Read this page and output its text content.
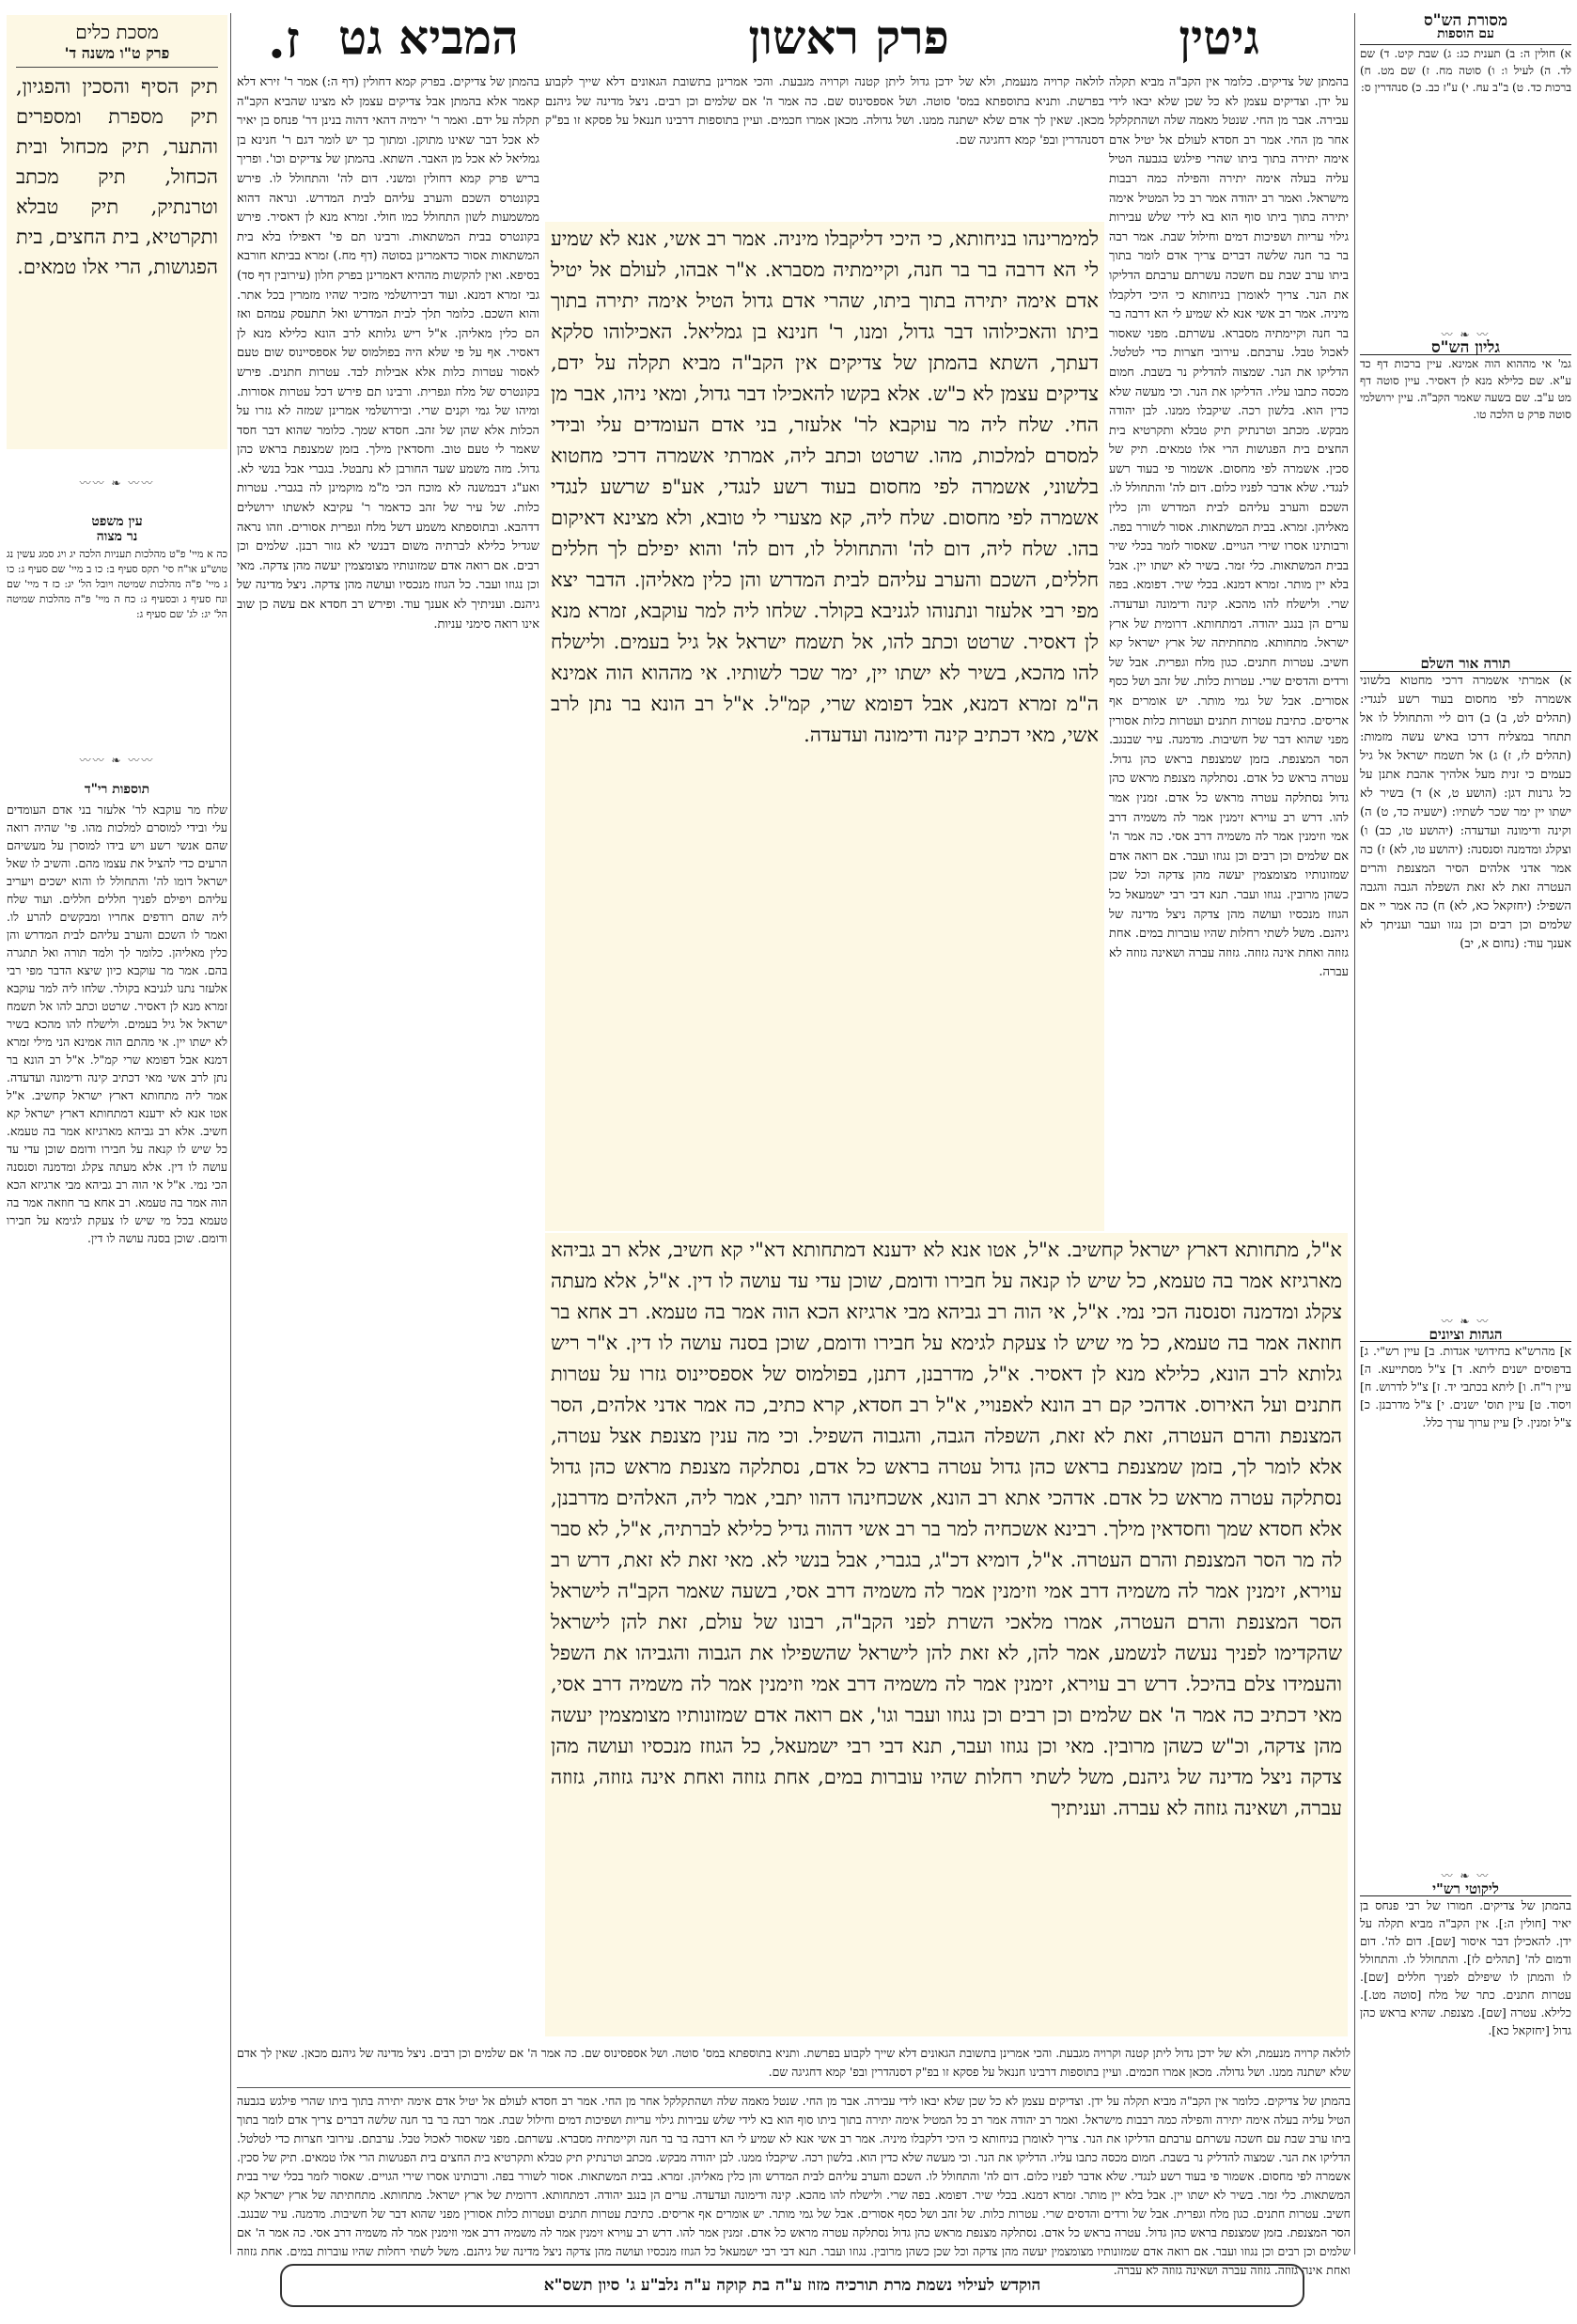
ז.	גיטין
פרק ראשון
המביא גט
מסכת כלים
פרק ט"ו משנה ד'
תיק הסיף והסכין והפגיון, תיק מספרת ומספרים והתער, תיק מכחול ובית הכחול, תיק מכתב וטרנתיק, תיק טבלא ותקרטיא, בית החצים, בית הפגושות, הרי אלו טמאים.
〰〰 ❧ 〰〰
עין משפט
נר מצוה
כה א מיי' פ"ט מהלכות תעניות הלכה יג ויג סמג עשין נג טוש"ע או"ח סי' תקס סעיף ב: כו ב מיי' שם סעיף ג: כו ג מיי' פ"ה מהלכות שמיטה ויובל הל' יג: כז ד מיי' שם ונח סעיף ג ובסעיף ג: כח ה מיי' פ"ה מהלכות שמיטה הל' יג: לג' שם סעיף ג:
〰〰 ❧ 〰〰
תוספות רי"ד
שלח מר עוקבא לר' אלעזר בני אדם העומדים עלי ובידי למוסרם למלכות מהו. פי' שהיה רואה שהם אנשי רשע ויש בידו למוסרן על מעשיהם הרעים כדי להציל את עצמו מהם. והשיב לו שאל ישראל דומו לה' והתחולל לו והוא ישכים ויעריב עליהם ויפילם לפניך חללים חללים. ועוד שלח ליה שהם רודפים אחריו ומבקשים להרע לו. ואמר לו השכם והערב עליהם לבית המדרש והן כלין מאליהן. כלומר לך ולמד תורה ואל תתגרה בהם. אמר מר עוקבא כיון שיצא הדבר מפי רבי אלעזר נתנו לגניבא בקולר. שלחו ליה למר עוקבא זמרא מנא לן דאסיר. שרטט וכתב להו אל תשמח ישראל אל גיל בעמים. ולישלח להו מהכא בשיר לא ישתו יין. אי מהתם הוה אמינא הני מילי זמרא דמנא אבל דפומא שרי קמ"ל. א"ל רב הונא בר נתן לרב אשי מאי דכתיב קינה ודימונה ועדעדה. אמר ליה מתחותא דארץ ישראל קחשיב. א"ל אטו אנא לא ידענא דמתחותא דארץ ישראל קא חשיב. אלא רב גביהא מארגיזא אמר בה טעמא. כל שיש לו קנאה על חבירו ודומם שוכן עדי עד עושה לו דין. אלא מעתה צקלג ומדמנה וסנסנה הכי נמי. א"ל אי הוה רב גביהא מבי ארגיזא הכא הוה אמר בה טעמא. רב אחא בר חוזאה אמר בה טעמא בכל מי שיש לו צעקת לגימא על חבירו ודומם. שוכן בסנה עושה לו דין.
בהמתן של צדיקים. בפרק קמא דחולין (דף ה:) אמר ר' זירא דלא קאמר אלא בהמתן אבל צדיקים עצמן לא מצינו שהביא הקב"ה תקלה על ידם. ואמר ר' ירמיה דהאי דהוה בנינן דר' פנחס בן יאיר לא אכל דבר שאינו מתוקן. ומתוך כך יש לומר דגם ר' חנינא בן גמליאל לא אכל מן האבר. השתא. בהמתן של צדיקים וכו'. ופריך בריש פרק קמא דחולין ומשני. דום לה' והתחולל לו. פירש בקונטרס השכם והערב עליהם לבית המדרש. ונראה דהוא ממשמעות לשון התחולל כמו חולי. זמרא מנא לן דאסיר. פירש בקונטרס בבית המשתאות. ורבינו תם פי' דאפילו בלא בית המשתאות אסור כדאמרינן בסוטה (דף מח.) זמרא בביתא חורבא בסיפא. ואין להקשות מההיא דאמרינן בפרק חלון (עירובין דף סד) גבי זמרא דמנא. ועוד דבירושלמי מזכיר שהיו מזמרין בכל אתר. והוא השכם. כלומר תלך לבית המדרש ואל תתעסק עמהם ואז הם כלין מאליהן. א"ל ריש גלותא לרב הונא כלילא מנא לן דאסיר. אף על פי שלא היה בפולמוס של אספסיינוס שום טעם לאסור עטרות כלות אלא אבילות לבד. עטרות חתנים. פירש בקונטרס של מלח וגפרית. ורבינו תם פירש דכל עטרות אסורות. ומיהו של גמי וקנים שרי. ובירושלמי אמרינן שמזה לא גזרו על הכלות אלא שהן של זהב. חסדא שמך. כלומר שהוא דבר חסד שאמר לי טעם טוב. וחסדאין מילך. בזמן שמצנפת בראש כהן גדול. מזה משמע שעד החורבן לא נתבטל. בגברי אבל בנשי לא. ואע"ג דבמשנה לא מוכח הכי מ"מ מוקמינן לה בגברי. עטרות כלות. של עיר של זהב כדאמר ר' עקיבא לאשתו ירושלים דדהבא. ובתוספתא משמע דשל מלח וגפרית אסורים. וזהו נראה שגדיל כלילא לברתיה משום דבנשי לא גזור רבנן. שלמים וכן רבים. אם רואה אדם שמזונותיו מצומצמין יעשה מהן צדקה. מאי וכן נגוזו ועבר. כל הגוזז מנכסיו ועושה מהן צדקה. ניצל מדינה של גיהנם. ועניתיך לא אענך עוד. ופירש רב חסדא אם עשה כן שוב אינו רואה סימני עניות.
בהמתן של צדיקים. כלומר אין הקב"ה מביא תקלה על ידן. וצדיקים עצמן לא כל שכן שלא יבאו לידי עבירה. אבר מן החי. שנטל מאמה שלה ושהתקלקל אחר מן החי. אמר רב חסדא לעולם אל יטיל אדם אימה יתירה בתוך ביתו שהרי פילגש בגבעה הטיל עליה בעלה אימה יתירה והפילה כמה רבבות מישראל. ואמר רב יהודה אמר רב כל המטיל אימה יתירה בתוך ביתו סוף הוא בא לידי שלש עבירות גילוי עריות ושפיכות דמים וחילול שבת. אמר רבה בר בר חנה שלשה דברים צריך אדם לומר בתוך ביתו ערב שבת עם חשכה עשרתם ערבתם הדליקו את הנר. צריך לאומרן בניחותא כי היכי דלקבלו מיניה. אמר רב אשי אנא לא שמיע לי הא דרבה בר בר חנה וקיימתיה מסברא. עשרתם. מפני שאסור לאכול טבל. ערבתם. עירובי חצרות כדי לטלטל. הדליקו את הנר. שמצוה להדליק נר בשבת. חמום מכסה כתבו עליו. הדליקו את הנר. וכי מעשה שלא כדין הוא. בלשון רכה. שיקבלו ממנו. לבן יהודה מבקש. מכתב וטרנתיק תיק טבלא ותקרטיא בית החצים בית הפגושות הרי אלו טמאים. תיק של סכין. אשמרה לפי מחסום. אשמור פי בעוד רשע לנגדי. שלא אדבר לפניו כלום. דום לה' והתחולל לו. השכם והערב עליהם לבית המדרש והן כלין מאליהן. זמרא. בבית המשתאות. אסור לשורר בפה. ורבותינו אסרו שירי הגויים. שאסור לזמר בכלי שיר בבית המשתאות. כלי זמר. בשיר לא ישתו יין. אבל בלא יין מותר. זמרא דמנא. בכלי שיר. דפומא. בפה שרי. ולישלח להו מהכא. קינה ודימונה ועדעדה. ערים הן בנגב יהודה. דמתחותא. דרומית של ארץ ישראל. מתחותא. מתחתיתה של ארץ ישראל קא חשיב. עטרות חתנים. כגון מלח וגפרית. אבל של ורדים והדסים שרי. עטרות כלות. של זהב ושל כסף אסורים. אבל של גמי מותר. יש אומרים אף אריסים. כתיבת עטרות חתנים ועטרות כלות אסורין מפני שהוא דבר של חשיבות. מדמנה. עיר שבנגב. הסר המצנפת. בזמן שמצנפת בראש כהן גדול. עטרה בראש כל אדם. נסתלקה מצנפת מראש כהן גדול נסתלקה עטרה מראש כל אדם. זמנין אמר להו. דרש רב עוירא זימנין אמר לה משמיה דרב אמי וזימנין אמר לה משמיה דרב אסי. כה אמר ה' אם שלמים וכן רבים וכן נגוזו ועבר. אם רואה אדם שמזונותיו מצומצמין יעשה מהן צדקה וכל שכן כשהן מרובין. נגוזו ועבר. תנא דבי רבי ישמעאל כל הגוזז מנכסיו ועושה מהן צדקה ניצל מדינה של גיהנם. משל לשתי רחלות שהיו עוברות במים. אחת גזוזה ואחת אינה גזוזה. גזוזה עברה ושאינה גזוזה לא עברה.
לולאה קרויה מנעמת, ולא של ידכן גדול ליתן קטנה וקרויה מגבעת. והכי אמרינן בתשובת הגאונים דלא שייך לקבוע בפרשת. ותניא בתוספתא במס' סוטה. ושל אספסינוס שם. כה אמר ה' אם שלמים וכן רבים. ניצל מדינה של גיהנם מכאן. שאין לך אדם שלא ישתנה ממנו. ושל גדולה. מכאן אמרו חכמים. ועיין בתוספות דרבינו חננאל על פסקא זו בפ"ק דסנהדרין ובפ' קמא דחגיגה שם.
למימרינהו בניחותא, כי היכי דליקבלו מיניה. אמר רב אשי, אנא לא שמיע לי הא דרבה בר בר חנה, וקיימתיה מסברא. א"ר אבהו, לעולם אל יטיל אדם אימה יתירה בתוך ביתו, שהרי אדם גדול הטיל אימה יתירה בתוך ביתו והאכילוהו דבר גדול, ומנו, ר' חנינא בן גמליאל. האכילוהו סלקא דעתך, השתא בהמתן של צדיקים אין הקב"ה מביא תקלה על ידם, צדיקים עצמן לא כ"ש. אלא בקשו להאכילו דבר גדול, ומאי ניהו, אבר מן החי. שלח ליה מר עוקבא לר' אלעזר, בני אדם העומדים עלי ובידי למסרם למלכות, מהו. שרטט וכתב ליה, אמרתי אשמרה דרכי מחטוא בלשוני, אשמרה לפי מחסום בעוד רשע לנגדי, אע"פ שרשע לנגדי אשמרה לפי מחסום. שלח ליה, קא מצערי לי טובא, ולא מצינא דאיקום בהו. שלח ליה, דום לה' והתחולל לו, דום לה' והוא יפילם לך חללים חללים, השכם והערב עליהם לבית המדרש והן כלין מאליהן. הדבר יצא מפי רבי אלעזר ונתנוהו לגניבא בקולר. שלחו ליה למר עוקבא, זמרא מנא לן דאסיר. שרטט וכתב להו, אל תשמח ישראל אל גיל בעמים. ולישלח להו מהכא, בשיר לא ישתו יין, ימר שכר לשותיו. אי מההוא הוה אמינא ה"מ זמרא דמנא, אבל דפומא שרי, קמ"ל. א"ל רב הונא בר נתן לרב אשי, מאי דכתיב קינה ודימונה ועדעדה.
א"ל, מתחותא דארץ ישראל קחשיב. א"ל, אטו אנא לא ידענא דמתחותא דא"י קא חשיב, אלא רב גביהא מארגיזא אמר בה טעמא, כל שיש לו קנאה על חבירו ודומם, שוכן עדי עד עושה לו דין. א"ל, אלא מעתה צקלג ומדמנה וסנסנה הכי נמי. א"ל, אי הוה רב גביהא מבי ארגיזא הכא הוה אמר בה טעמא. רב אחא בר חוזאה אמר בה טעמא, כל מי שיש לו צעקת לגימא על חבירו ודומם, שוכן בסנה עושה לו דין. א"ר ריש גלותא לרב הונא, כלילא מנא לן דאסיר. א"ל, מדרבנן, דתנן, בפולמוס של אספסיינוס גזרו על עטרות חתנים ועל האירוס. אדהכי קם רב הונא לאפנויי, א"ל רב חסדא, קרא כתיב, כה אמר אדני אלהים, הסר המצנפת והרם העטרה, זאת לא זאת, השפלה הגבה, והגבוה השפיל. וכי מה ענין מצנפת אצל עטרה, אלא לומר לך, בזמן שמצנפת בראש כהן גדול עטרה בראש כל אדם, נסתלקה מצנפת מראש כהן גדול נסתלקה עטרה מראש כל אדם. אדהכי אתא רב הונא, אשכחינהו דהוו יתבי, אמר ליה, האלהים מדרבנן, אלא חסדא שמך וחסדאין מילך. רבינא אשכחיה למר בר רב אשי דהוה גדיל כלילא לברתיה, א"ל, לא סבר לה מר הסר המצנפת והרם העטרה. א"ל, דומיא דכ"ג, בגברי, אבל בנשי לא. מאי זאת לא זאת, דרש רב עוירא, זימנין אמר לה משמיה דרב אמי וזימנין אמר לה משמיה דרב אסי, בשעה שאמר הקב"ה לישראל הסר המצנפת והרם העטרה, אמרו מלאכי השרת לפני הקב"ה, רבונו של עולם, זאת להן לישראל שהקדימו לפניך נעשה לנשמע, אמר להן, לא זאת להן לישראל שהשפילו את הגבוה והגביהו את השפל והעמידו צלם בהיכל. דרש רב עוירא, זימנין אמר לה משמיה דרב אמי וזימנין אמר לה משמיה דרב אסי, מאי דכתיב כה אמר ה' אם שלמים וכן רבים וכן נגוזו ועבר וגו', אם רואה אדם שמזונותיו מצומצמין יעשה מהן צדקה, וכ"ש כשהן מרובין. מאי וכן נגוזו ועבר, תנא דבי רבי ישמעאל, כל הגוזז מנכסיו ועושה מהן צדקה ניצל מדינה של גיהנם, משל לשתי רחלות שהיו עוברות במים, אחת גזוזה ואחת אינה גזוזה, גזוזה עברה, ושאינה גזוזה לא עברה. ועניתיך
לולאה קרויה מנעמת, ולא של ידכן גדול ליתן קטנה וקרויה מגבעת. והכי אמרינן בתשובת הגאונים דלא שייך לקבוע בפרשת. ותניא בתוספתא במס' סוטה. ושל אספסינוס שם. כה אמר ה' אם שלמים וכן רבים. ניצל מדינה של גיהנם מכאן. שאין לך אדם שלא ישתנה ממנו. ושל גדולה. מכאן אמרו חכמים. ועיין בתוספות דרבינו חננאל על פסקא זו בפ"ק דסנהדרין ובפ' קמא דחגיגה שם.
בהמתן של צדיקים. כלומר אין הקב"ה מביא תקלה על ידן. וצדיקים עצמן לא כל שכן שלא יבאו לידי עבירה. אבר מן החי. שנטל מאמה שלה ושהתקלקל אחר מן החי. אמר רב חסדא לעולם אל יטיל אדם אימה יתירה בתוך ביתו שהרי פילגש בגבעה הטיל עליה בעלה אימה יתירה והפילה כמה רבבות מישראל. ואמר רב יהודה אמר רב כל המטיל אימה יתירה בתוך ביתו סוף הוא בא לידי שלש עבירות גילוי עריות ושפיכות דמים וחילול שבת. אמר רבה בר בר חנה שלשה דברים צריך אדם לומר בתוך ביתו ערב שבת עם חשכה עשרתם ערבתם הדליקו את הנר. צריך לאומרן בניחותא כי היכי דלקבלו מיניה. אמר רב אשי אנא לא שמיע לי הא דרבה בר בר חנה וקיימתיה מסברא. עשרתם. מפני שאסור לאכול טבל. ערבתם. עירובי חצרות כדי לטלטל. הדליקו את הנר. שמצוה להדליק נר בשבת. חמום מכסה כתבו עליו. הדליקו את הנר. וכי מעשה שלא כדין הוא. בלשון רכה. שיקבלו ממנו. לבן יהודה מבקש. מכתב וטרנתיק תיק טבלא ותקרטיא בית החצים בית הפגושות הרי אלו טמאים. תיק של סכין. אשמרה לפי מחסום. אשמור פי בעוד רשע לנגדי. שלא אדבר לפניו כלום. דום לה' והתחולל לו. השכם והערב עליהם לבית המדרש והן כלין מאליהן. זמרא. בבית המשתאות. אסור לשורר בפה. ורבותינו אסרו שירי הגויים. שאסור לזמר בכלי שיר בבית המשתאות. כלי זמר. בשיר לא ישתו יין. אבל בלא יין מותר. זמרא דמנא. בכלי שיר. דפומא. בפה שרי. ולישלח להו מהכא. קינה ודימונה ועדעדה. ערים הן בנגב יהודה. דמתחותא. דרומית של ארץ ישראל. מתחותא. מתחתיתה של ארץ ישראל קא חשיב. עטרות חתנים. כגון מלח וגפרית. אבל של ורדים והדסים שרי. עטרות כלות. של זהב ושל כסף אסורים. אבל של גמי מותר. יש אומרים אף אריסים. כתיבת עטרות חתנים ועטרות כלות אסורין מפני שהוא דבר של חשיבות. מדמנה. עיר שבנגב. הסר המצנפת. בזמן שמצנפת בראש כהן גדול. עטרה בראש כל אדם. נסתלקה מצנפת מראש כהן גדול נסתלקה עטרה מראש כל אדם. זמנין אמר להו. דרש רב עוירא זימנין אמר לה משמיה דרב אמי וזימנין אמר לה משמיה דרב אסי. כה אמר ה' אם שלמים וכן רבים וכן נגוזו ועבר. אם רואה אדם שמזונותיו מצומצמין יעשה מהן צדקה וכל שכן כשהן מרובין. נגוזו ועבר. תנא דבי רבי ישמעאל כל הגוזז מנכסיו ועושה מהן צדקה ניצל מדינה של גיהנם. משל לשתי רחלות שהיו עוברות במים. אחת גזוזה ואחת אינה גזוזה. גזוזה עברה ושאינה גזוזה לא עברה.
מסורת הש"ס
עם הוספות
א) חולין ה: ב) תענית כג: ג) שבת קיט. ד) שם לד. ה) לעיל ו: ו) סוטה מח. ז) שם מט. ח) ברכות כד. ט) ב"ב עח. י) ע"ז כב. כ) סנהדרין ס:
〰 ❧ 〰
גליון הש"ס
גמ' אי מההוא הוה אמינא. עיין ברכות דף כד ע"א. שם כלילא מנא לן דאסיר. עיין סוטה דף מט ע"ב. שם בשעה שאמר הקב"ה. עיין ירושלמי סוטה פרק ט הלכה טו.
תורה אור השלם
א) אמרתי אשמרה דרכי מחטוא בלשוני אשמרה לפי מחסום בעוד רשע לנגדי: (תהלים לט, ב) ב) דום ליי והתחולל לו אל תתחר במצליח דרכו באיש עשה מזמות: (תהלים לז, ז) ג) אל תשמח ישראל אל גיל כעמים כי זנית מעל אלהיך אהבת אתנן על כל גרנות דגן: (הושע ט, א) ד) בשיר לא ישתו יין ימר שכר לשתיו: (ישעיה כד, ט) ה) וקינה ודימונה ועדעדה: (יהושע טו, כב) ו) וצקלג ומדמנה וסנסנה: (יהושע טו, לא) ז) כה אמר אדני אלהים הסיר המצנפת והרים העטרה זאת לא זאת השפלה הגבה והגבה השפיל: (יחזקאל כא, לא) ח) כה אמר יי אם שלמים וכן רבים וכן נגזו ועבר ועניתך לא אענך עוד: (נחום א, יב)
〰 ❧ 〰
הגהות וציונים
א] מהרש"א בחידושי אגדות. ב] עיין רש"י. ג] בדפוסים ישנים ליתא. ד] צ"ל מסתייעא. ה] עיין ר"ח. ו] ליתא בכתבי יד. ז] צ"ל לדרוש. ח] ויסוד. ט] עיין תוס' ישנים. י] צ"ל מדרבנן. כ] צ"ל זמנין. ל] עיין ערוך ערך כלל.
〰 ❧ 〰
ליקוטי רש"י
בהמתן של צדיקים. חמורו של רבי פנחס בן יאיר [חולין ה:]. אין הקב"ה מביא תקלה על ידן. להאכילן דבר איסור [שם]. דום לה'. דום ודמום לה' [תהלים לז]. והתחולל לו. והתחולל לו והמתן לו שיפילם לפניך חללים [שם]. עטרות חתנים. כתר של מלח [סוטה מט.]. כלילא. עטרה [שם]. מצנפת. שהיא בראש כהן גדול [יחזקאל כא].
הוקדש לעילוי נשמת מרת תורכיה מזוז ע"ה בת קוקה ע"ה נלב"ע ג' סיון תשס"א
